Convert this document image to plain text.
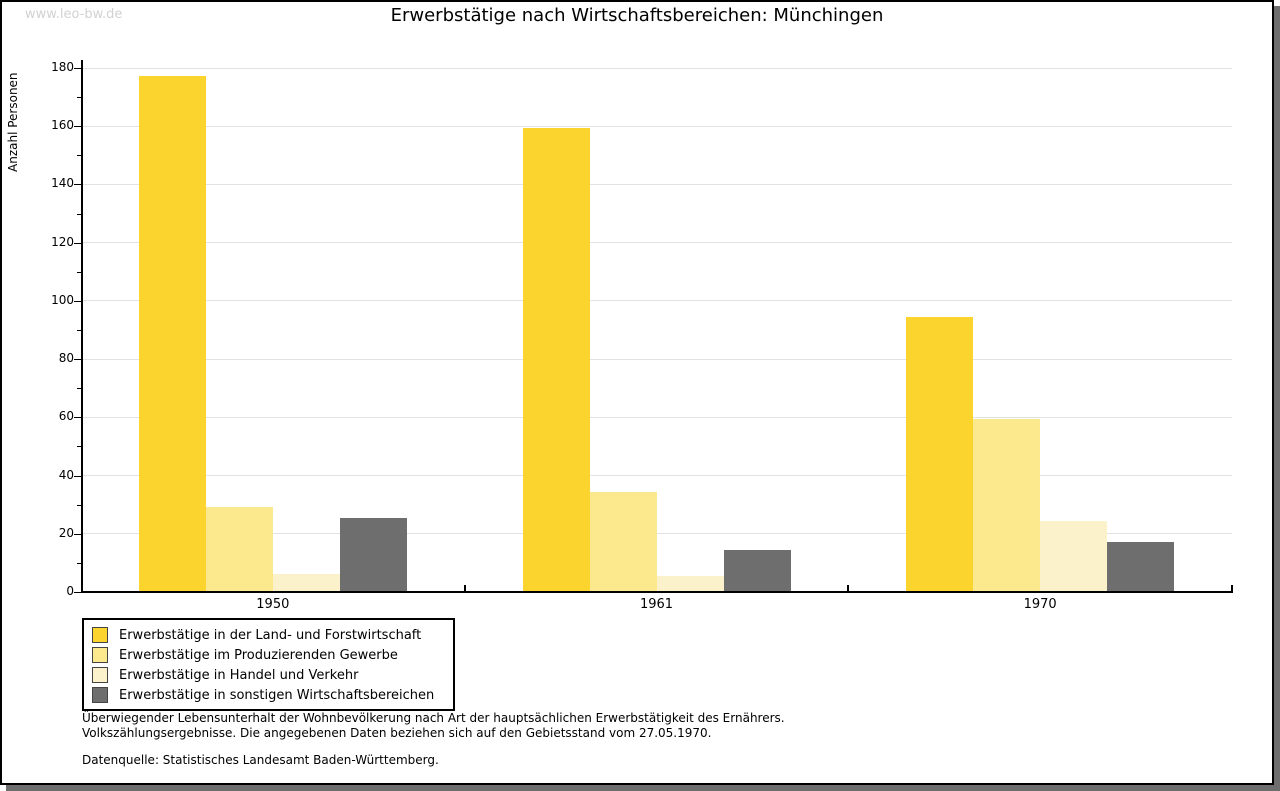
www.leo-bw.de	Erwerbstätige nach Wirtschaftsbereichen: Münchingen
Anzahl Personen
0
20
40
60
80
100
120
140
160
180
1950	1961	1970
Erwerbstätige in der Land- und Forstwirtschaft
Erwerbstätige im Produzierenden Gewerbe
Erwerbstätige in Handel und Verkehr
Erwerbstätige in sonstigen Wirtschaftsbereichen
Überwiegender Lebensunterhalt der Wohnbevölkerung nach Art der hauptsächlichen Erwerbstätigkeit des Ernährers.
Volkszählungsergebnisse. Die angegebenen Daten beziehen sich auf den Gebietsstand vom 27.05.1970.
Datenquelle: Statistisches Landesamt Baden-Württemberg.
